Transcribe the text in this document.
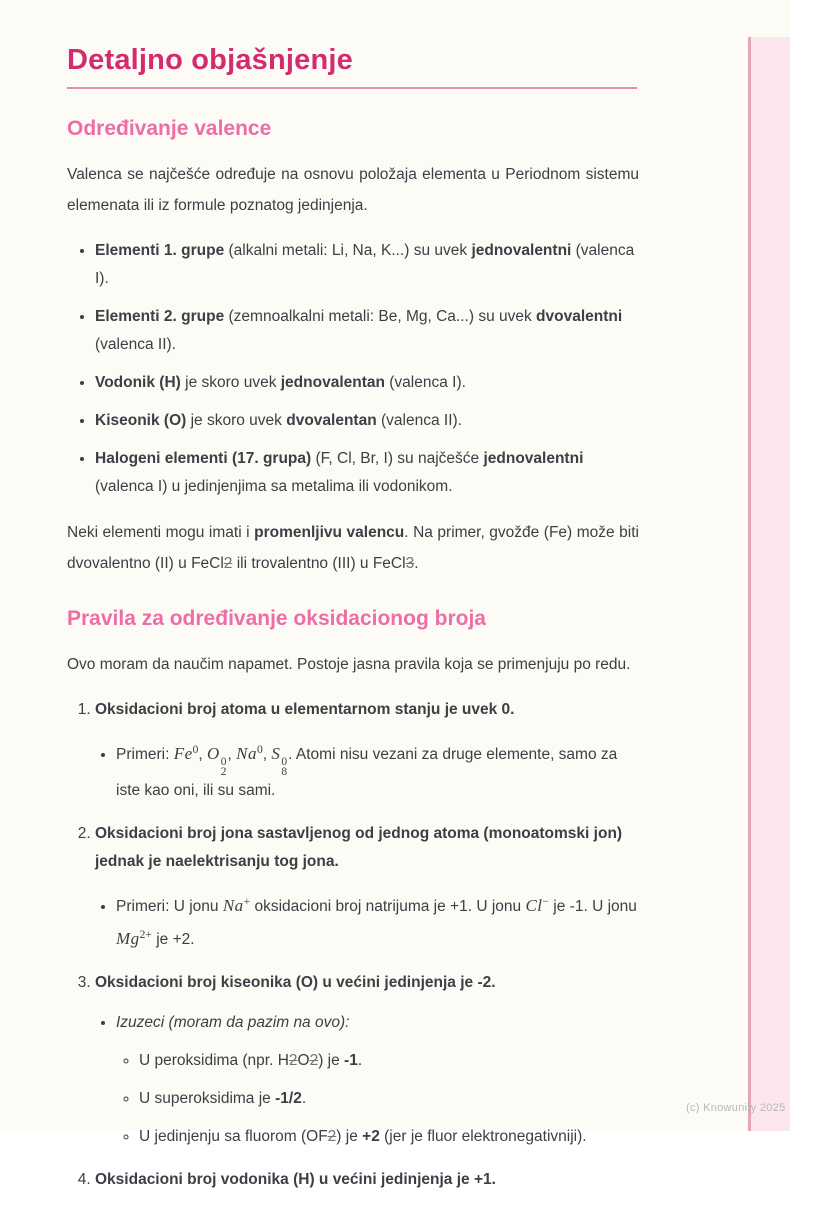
Detaljno objašnjenje
Određivanje valence

Valenca se najčešće određuje na osnovu položaja elementa u Periodnom sistemu elemenata ili iz formule poznatog jedinjenja.

• Elementi 1. grupe (alkalni metali: Li, Na, K...) su uvek jednovalentni (valenca I).
• Elementi 2. grupe (zemnoalkalni metali: Be, Mg, Ca...) su uvek dvovalentni (valenca II).
• Vodonik (H) je skoro uvek jednovalentan (valenca I).
• Kiseonik (O) je skoro uvek dvovalentan (valenca II).
• Halogeni elementi (17. grupa) (F, Cl, Br, I) su najčešće jednovalentni (valenca I) u jedinjenjima sa metalima ili vodonikom.

Neki elementi mogu imati i promenljivu valencu. Na primer, gvožđe (Fe) može biti dvovalentno (II) u FeCl2 ili trovalentno (III) u FeCl3.

Pravila za određivanje oksidacionog broja

Ovo moram da naučim napamet. Postoje jasna pravila koja se primenjuju po redu.

1. Oksidacioni broj atoma u elementarnom stanju je uvek 0.
• Primeri: Fe$^0$, O 0
2
, Na$^0$, S 0
8
. Atomi nisu vezani za druge elemente, samo za iste kao oni, ili su sami.
2. Oksidacioni broj jona sastavljenog od jednog atoma (monoatomski jon) jednak je naelektrisanju tog jona.
• Primeri: U jonu Na+ oksidacioni broj natrijuma je +1. U jonu Cl− je -1. U jonu $Mg^{2+}$ je +2.
3. Oksidacioni broj kiseonika (O) u većini jedinjenja je -2.
• Izuzeci (moram da pazim na ovo):
◦ U peroksidima (npr. H2O2) je -1.
◦ U superoksidima je -1/2.
◦ U jedinjenju sa fluorom (OF2) je +2 (jer je fluor elektronegativniji).
4. Oksidacioni broj vodonika (H) u većini jedinjenja je +1.
(c) Knowunity 2025
